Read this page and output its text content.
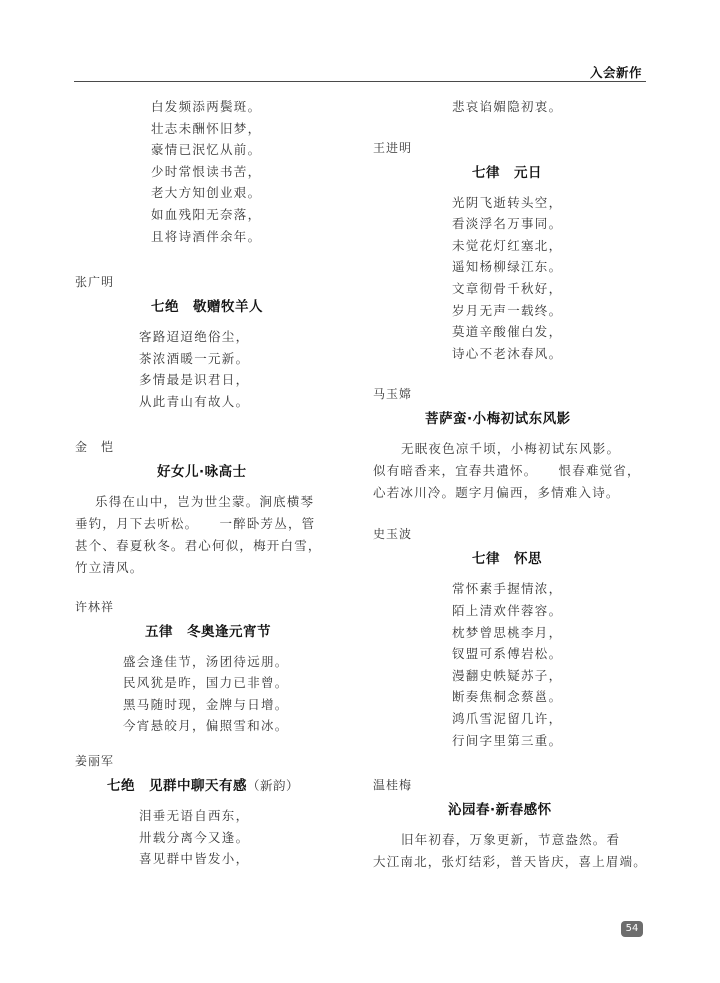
入会新作
白发频添两鬓斑。
壮志未酬怀旧梦，
豪情已泯忆从前。
少时常恨读书苦，
老大方知创业艰。
如血残阳无奈落，
且将诗酒伴余年。
张广明
七绝　敬赠牧羊人
客路迢迢绝俗尘，
茶浓酒暖一元新。
多情最是识君日，
从此青山有故人。
金　恺
好女儿·咏高士
乐得在山中，岂为世尘蒙。涧底横琴
垂钓，月下去听松。　　一醉卧芳丛，管
甚个、春夏秋冬。君心何似，梅开白雪，
竹立清风。
许林祥
五律　冬奥逢元宵节
盛会逢佳节，汤团待远朋。
民风犹是昨，国力已非曾。
黑马随时现，金牌与日增。
今宵悬皎月，偏照雪和冰。
姜丽军
七绝　见群中聊天有感（新韵）
泪垂无语自西东，
卅载分离今又逢。
喜见群中皆发小，
悲哀谄媚隐初衷。
王进明
七律　元日
光阴飞逝转头空，
看淡浮名万事同。
未觉花灯红塞北，
遥知杨柳绿江东。
文章彻骨千秋好，
岁月无声一载终。
莫道辛酸催白发，
诗心不老沐春风。
马玉嫦
菩萨蛮·小梅初试东风影
无眠夜色凉千顷，小梅初试东风影。
似有暗香来，宜春共遣怀。　　恨春难觉省，
心若冰川冷。题字月偏西，多情难入诗。
史玉波
七律　怀思
常怀素手握情浓，
陌上清欢伴蓉容。
枕梦曾思桃李月，
钗盟可系傅岩松。
漫翻史帙疑苏子，
断奏焦桐念蔡邕。
鸿爪雪泥留几许，
行间字里第三重。
温桂梅
沁园春·新春感怀
旧年初春，万象更新，节意盎然。看
大江南北，张灯结彩，普天皆庆，喜上眉端。
54
